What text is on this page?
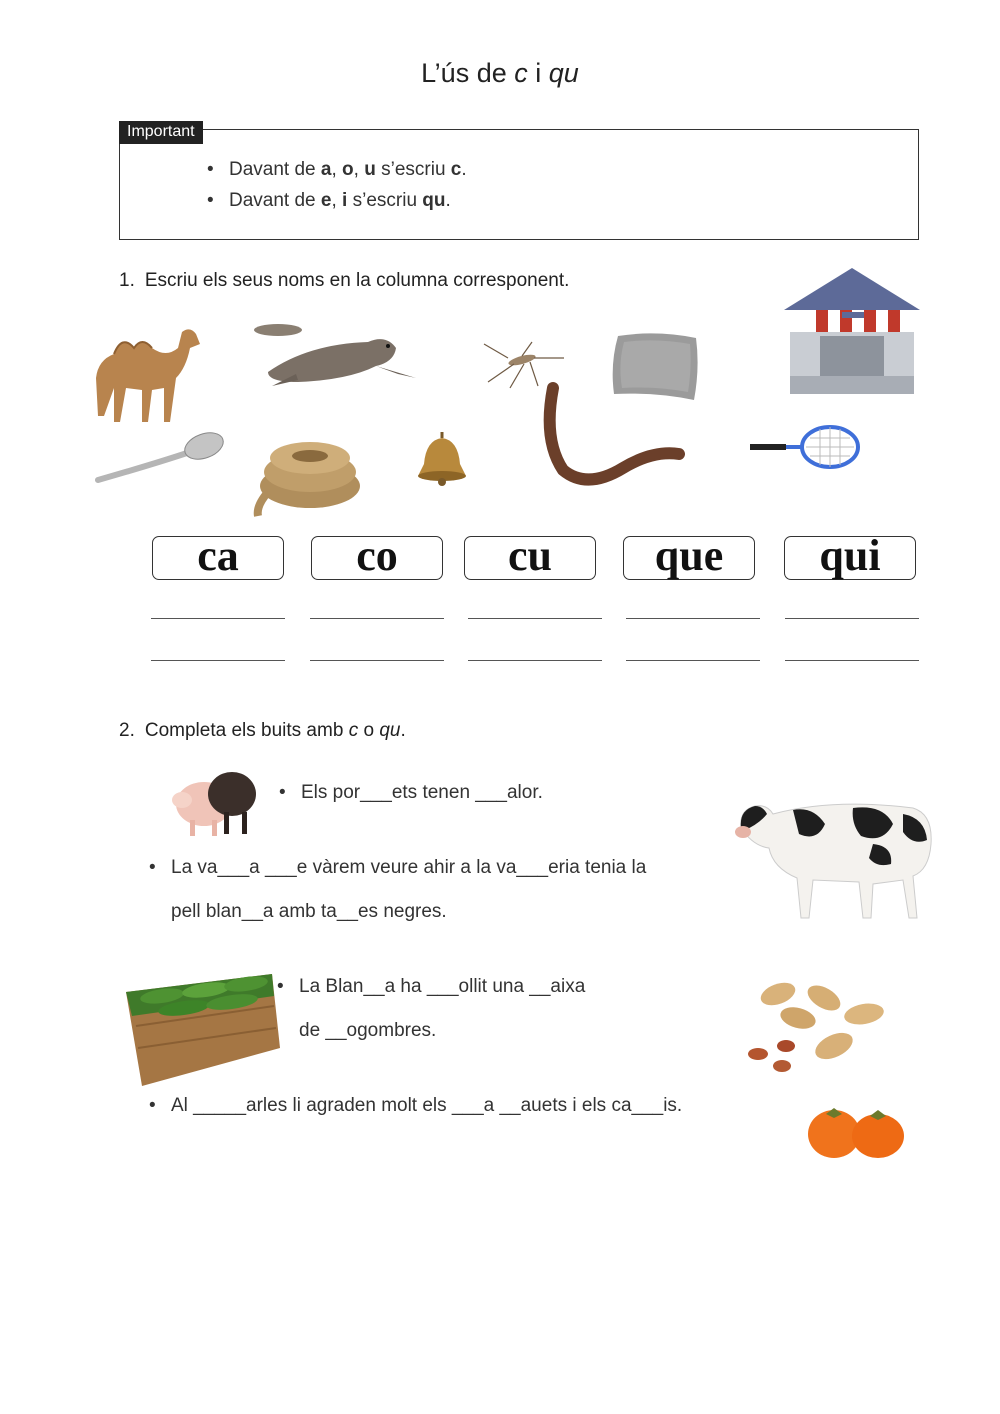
L’ús de c i qu
Important
• Davant de a, o, u s’escriu c.
• Davant de e, i s’escriu qu.
1. Escriu els seus noms en la columna corresponent.
ca	co	cu	que	qui
2. Completa els buits amb c o qu.
• Els por___ets tenen ___alor.
• La va___a ___e vàrem veure ahir a la va___eria tenia la
pell blan__a amb ta__es negres.
• La Blan__a ha ___ollit una __aixa
de __ogombres.
• Al _____arles li agraden molt els ___a __auets i els ca___is.
